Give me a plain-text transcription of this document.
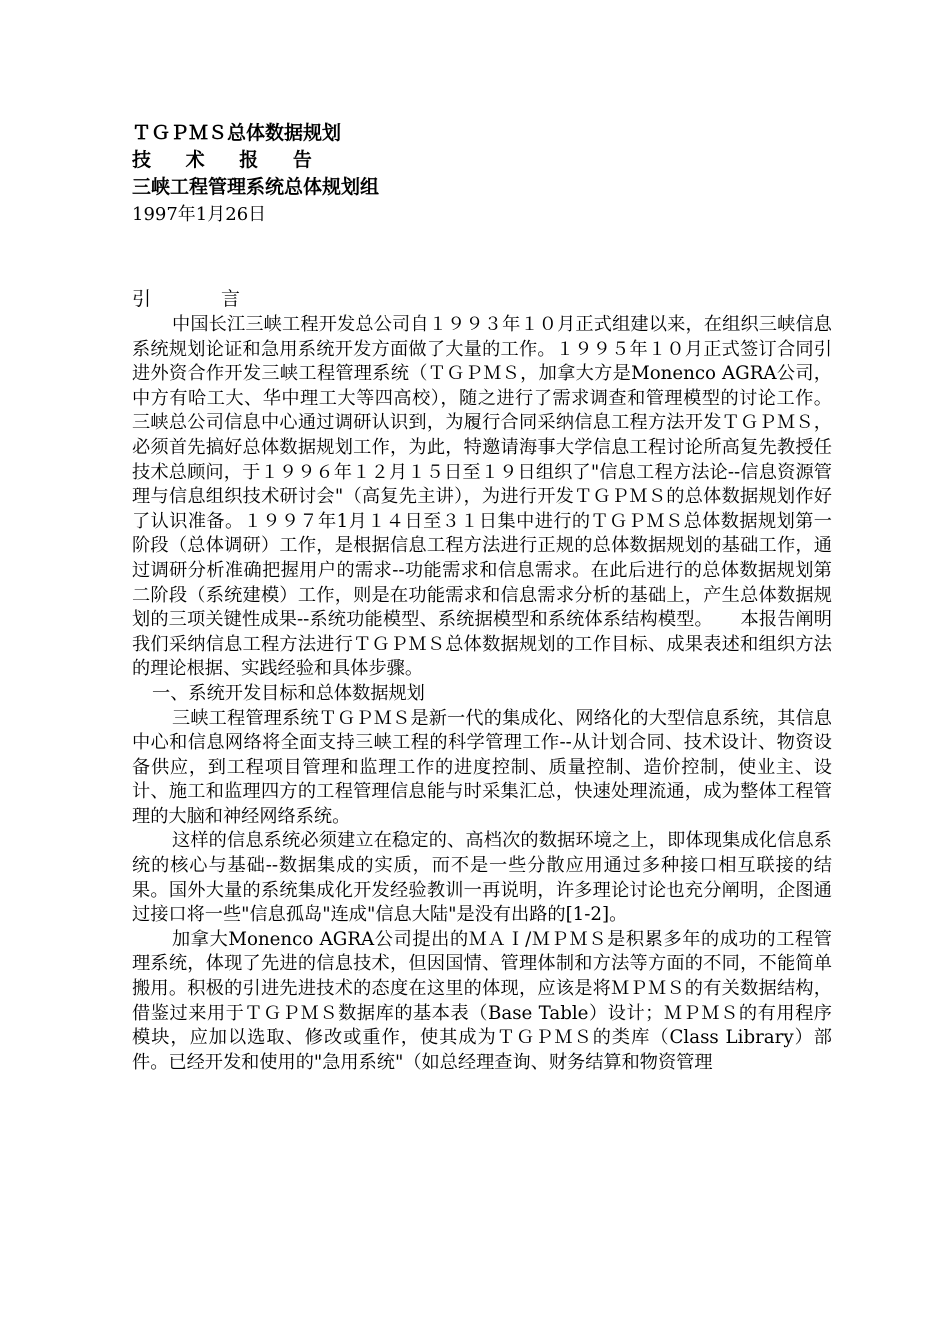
ＴＧＰＭＳ总体数据规划

技 术 报 告

三峡工程管理系统总体规划组

1997年1月26日

引言

中国长江三峡工程开发总公司自１９９３年１０月正式组建以来，在组织三峡信息系统规划论证和急用系统开发方面做了大量的工作。１９９５年１０月正式签订合同引进外资合作开发三峡工程管理系统（ＴＧＰＭＳ，加拿大方是Monenco AGRA公司，中方有哈工大、华中理工大等四高校），随之进行了需求调查和管理模型的讨论工作。三峡总公司信息中心通过调研认识到，为履行合同采纳信息工程方法开发ＴＧＰＭＳ，必须首先搞好总体数据规划工作，为此，特邀请海事大学信息工程讨论所高复先教授任技术总顾问，于１９９６年１２月１５日至１９日组织了"信息工程方法论--信息资源管理与信息组织技术研讨会"（高复先主讲），为进行开发ＴＧＰＭＳ的总体数据规划作好了认识准备。１９９７年1月１４日至３１日集中进行的ＴＧＰＭＳ总体数据规划第一阶段（总体调研）工作，是根据信息工程方法进行正规的总体数据规划的基础工作，通过调研分析准确把握用户的需求--功能需求和信息需求。在此后进行的总体数据规划第二阶段（系统建模）工作，则是在功能需求和信息需求分析的基础上，产生总体数据规划的三项关键性成果--系统功能模型、系统据模型和系统体系结构模型。　　本报告阐明我们采纳信息工程方法进行ＴＧＰＭＳ总体数据规划的工作目标、成果表述和组织方法的理论根据、实践经验和具体步骤。

一、系统开发目标和总体数据规划

三峡工程管理系统ＴＧＰＭＳ是新一代的集成化、网络化的大型信息系统，其信息中心和信息网络将全面支持三峡工程的科学管理工作--从计划合同、技术设计、物资设备供应，到工程项目管理和监理工作的进度控制、质量控制、造价控制，使业主、设计、施工和监理四方的工程管理信息能与时采集汇总，快速处理流通，成为整体工程管理的大脑和神经网络系统。

这样的信息系统必须建立在稳定的、高档次的数据环境之上，即体现集成化信息系统的核心与基础--数据集成的实质，而不是一些分散应用通过多种接口相互联接的结果。国外大量的系统集成化开发经验教训一再说明，许多理论讨论也充分阐明，企图通过接口将一些"信息孤岛"连成"信息大陆"是没有出路的[1-2]。

加拿大Monenco AGRA公司提出的ＭＡＩ/ＭＰＭＳ是积累多年的成功的工程管理系统，体现了先进的信息技术，但因国情、管理体制和方法等方面的不同，不能简单搬用。积极的引进先进技术的态度在这里的体现，应该是将ＭＰＭＳ的有关数据结构，借鉴过来用于ＴＧＰＭＳ数据库的基本表（Base Table）设计；ＭＰＭＳ的有用程序模块，应加以选取、修改或重作，使其成为ＴＧＰＭＳ的类库（Class Library）部件。已经开发和使用的"急用系统"（如总经理查询、财务结算和物资管理
